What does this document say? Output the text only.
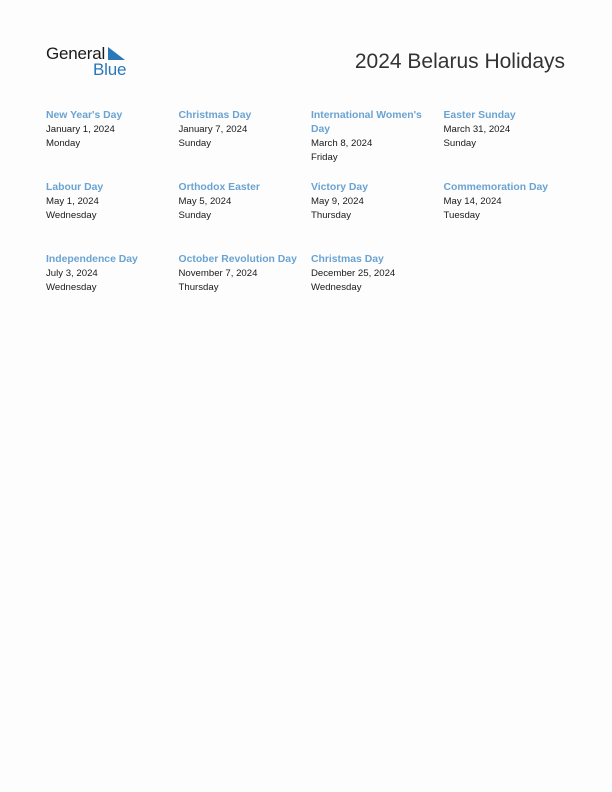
General
Blue	2024 Belarus Holidays
New Year's Day
January 1, 2024
Monday
Christmas Day
January 7, 2024
Sunday
International Women's Day
March 8, 2024
Friday
Easter Sunday
March 31, 2024
Sunday
Labour Day
May 1, 2024
Wednesday
Orthodox Easter
May 5, 2024
Sunday
Victory Day
May 9, 2024
Thursday
Commemoration Day
May 14, 2024
Tuesday
Independence Day
July 3, 2024
Wednesday
October Revolution Day
November 7, 2024
Thursday
Christmas Day
December 25, 2024
Wednesday
